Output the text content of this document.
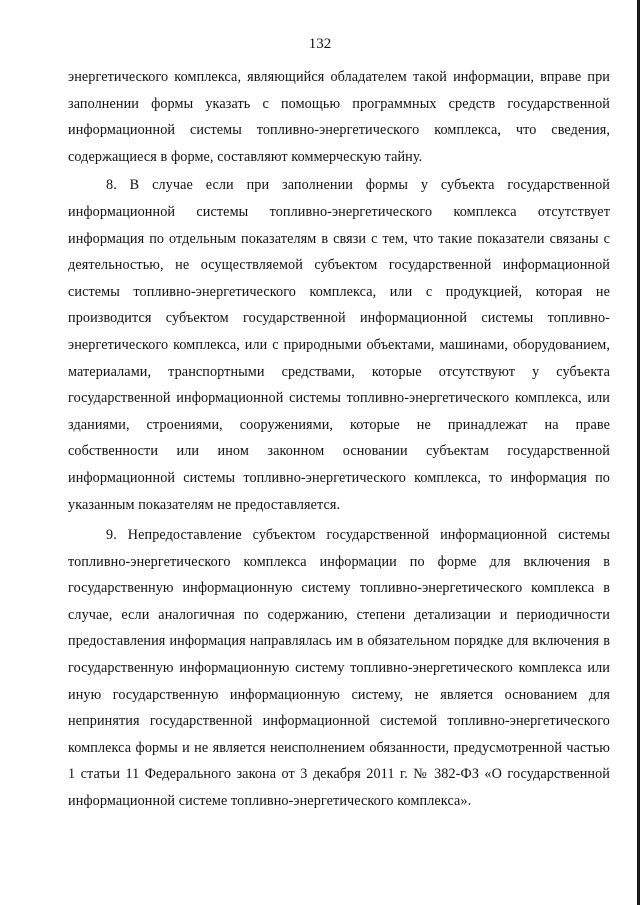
132

энергетического комплекса, являющийся обладателем такой информации, вправе при заполнении формы указать с помощью программных средств государственной информационной системы топливно-энергетического комплекса, что сведения, содержащиеся в форме, составляют коммерческую тайну.

8. В случае если при заполнении формы у субъекта государственной информационной системы топливно-энергетического комплекса отсутствует информация по отдельным показателям в связи с тем, что такие показатели связаны с деятельностью, не осуществляемой субъектом государственной информационной системы топливно-энергетического комплекса, или с продукцией, которая не производится субъектом государственной информационной системы топливно-энергетического комплекса, или с природными объектами, машинами, оборудованием, материалами, транспортными средствами, которые отсутствуют у субъекта государственной информационной системы топливно-энергетического комплекса, или зданиями, строениями, сооружениями, которые не принадлежат на праве собственности или ином законном основании субъектам государственной информационной системы топливно-энергетического комплекса, то информация по указанным показателям не предоставляется.

9. Непредоставление субъектом государственной информационной системы топливно-энергетического комплекса информации по форме для включения в государственную информационную систему топливно-энергетического комплекса в случае, если аналогичная по содержанию, степени детализации и периодичности предоставления информация направлялась им в обязательном порядке для включения в государственную информационную систему топливно-энергетического комплекса или иную государственную информационную систему, не является основанием для непринятия государственной информационной системой топливно-энергетического комплекса формы и не является неисполнением обязанности, предусмотренной частью 1 статьи 11 Федерального закона от 3 декабря 2011 г. № 382-ФЗ «О государственной информационной системе топливно-энергетического комплекса».
